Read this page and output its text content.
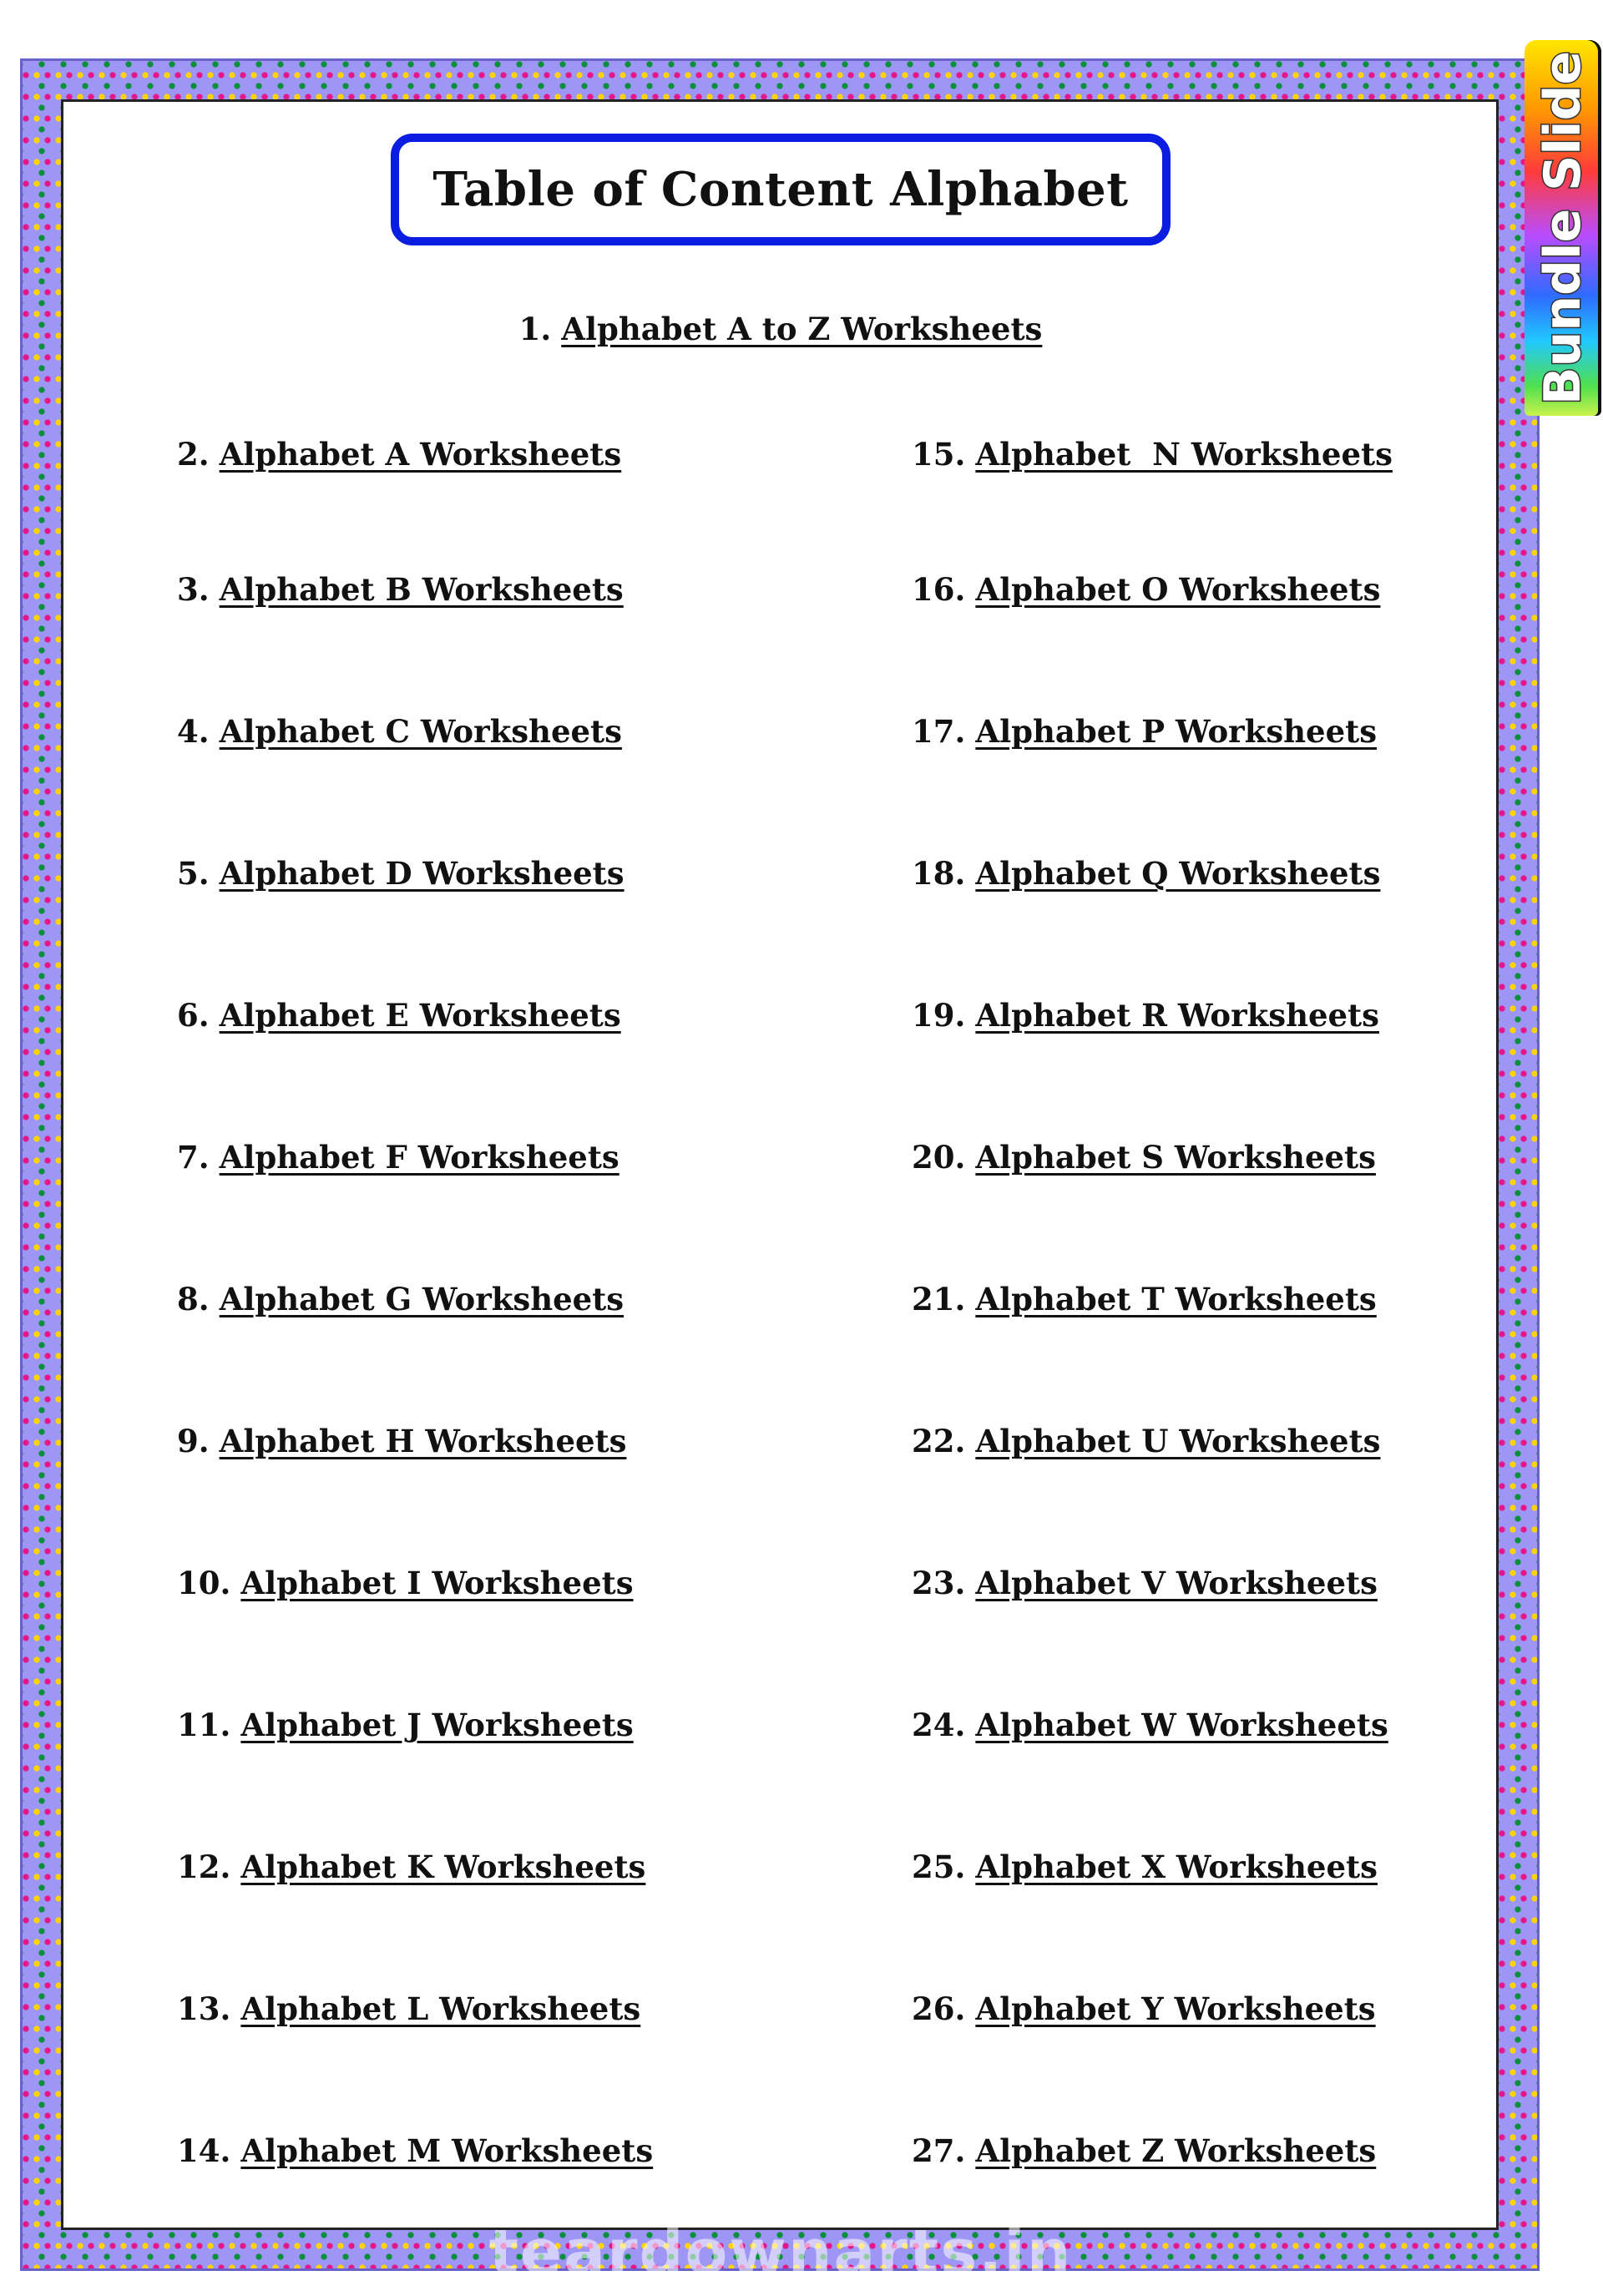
Bundle Slide
Table of Content Alphabet
1. Alphabet A to Z Worksheets
2. Alphabet A Worksheets
3. Alphabet B Worksheets
4. Alphabet C Worksheets
5. Alphabet D Worksheets
6. Alphabet E Worksheets
7. Alphabet F Worksheets
8. Alphabet G Worksheets
9. Alphabet H Worksheets
10. Alphabet I Worksheets
11. Alphabet J Worksheets
12. Alphabet K Worksheets
13. Alphabet L Worksheets
14. Alphabet M Worksheets
15. Alphabet  N Worksheets
16. Alphabet O Worksheets
17. Alphabet P Worksheets
18. Alphabet Q Worksheets
19. Alphabet R Worksheets
20. Alphabet S Worksheets
21. Alphabet T Worksheets
22. Alphabet U Worksheets
23. Alphabet V Worksheets
24. Alphabet W Worksheets
25. Alphabet X Worksheets
26. Alphabet Y Worksheets
27. Alphabet Z Worksheets
teardownarts.in
